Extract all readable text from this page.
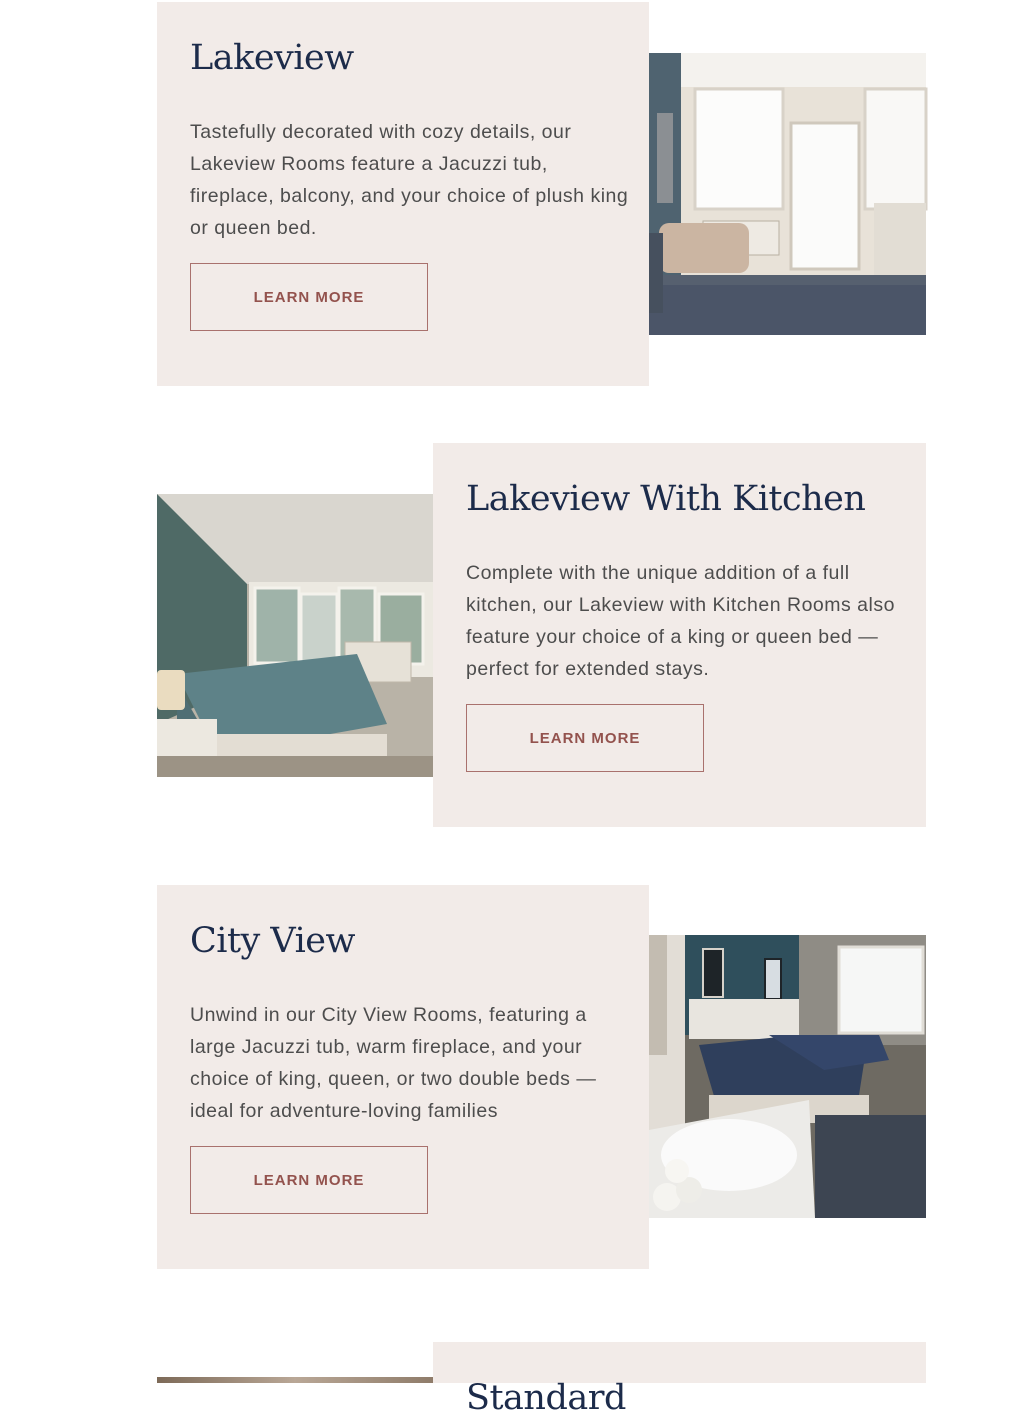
Lakeview

Tastefully decorated with cozy details, our Lakeview Rooms feature a Jacuzzi tub, fireplace, balcony, and your choice of plush king or queen bed.

LEARN MORE
Lakeview With Kitchen

Complete with the unique addition of a full kitchen, our Lakeview with Kitchen Rooms also feature your choice of a king or queen bed — perfect for extended stays.

LEARN MORE
City View

Unwind in our City View Rooms, featuring a large Jacuzzi tub, warm fireplace, and your choice of king, queen, or two double beds — ideal for adventure-loving families

LEARN MORE
Standard
